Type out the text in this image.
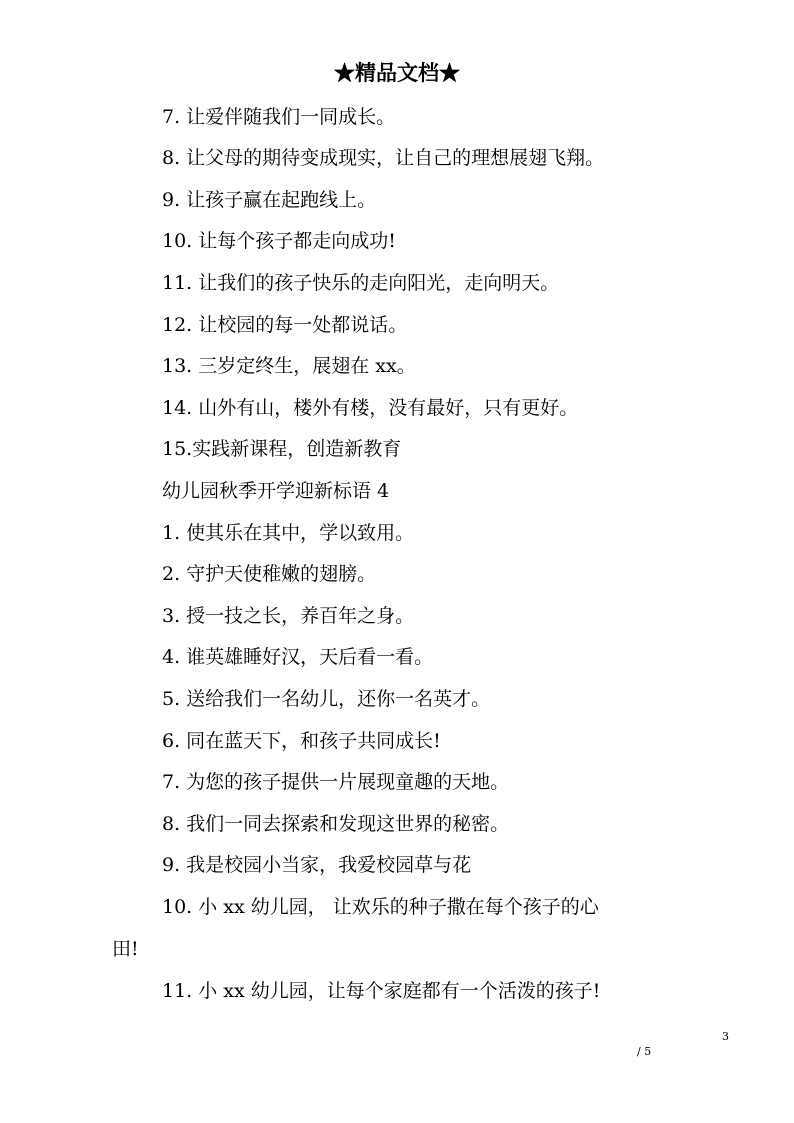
★精品文档★
7. 让爱伴随我们一同成长。
8. 让父母的期待变成现实，让自己的理想展翅飞翔。
9. 让孩子赢在起跑线上。
10. 让每个孩子都走向成功!
11. 让我们的孩子快乐的走向阳光，走向明天。
12. 让校园的每一处都说话。
13. 三岁定终生，展翅在 xx。
14. 山外有山，楼外有楼，没有最好，只有更好。
15.实践新课程，创造新教育
幼儿园秋季开学迎新标语 4
1. 使其乐在其中，学以致用。
2. 守护天使稚嫩的翅膀。
3. 授一技之长，养百年之身。
4. 谁英雄睡好汉，天后看一看。
5. 送给我们一名幼儿，还你一名英才。
6. 同在蓝天下，和孩子共同成长!
7. 为您的孩子提供一片展现童趣的天地。
8. 我们一同去探索和发现这世界的秘密。
9. 我是校园小当家，我爱校园草与花
10. 小 xx 幼儿园， 让欢乐的种子撒在每个孩子的心
田!
11. 小 xx 幼儿园，让每个家庭都有一个活泼的孩子!
3
/ 5
